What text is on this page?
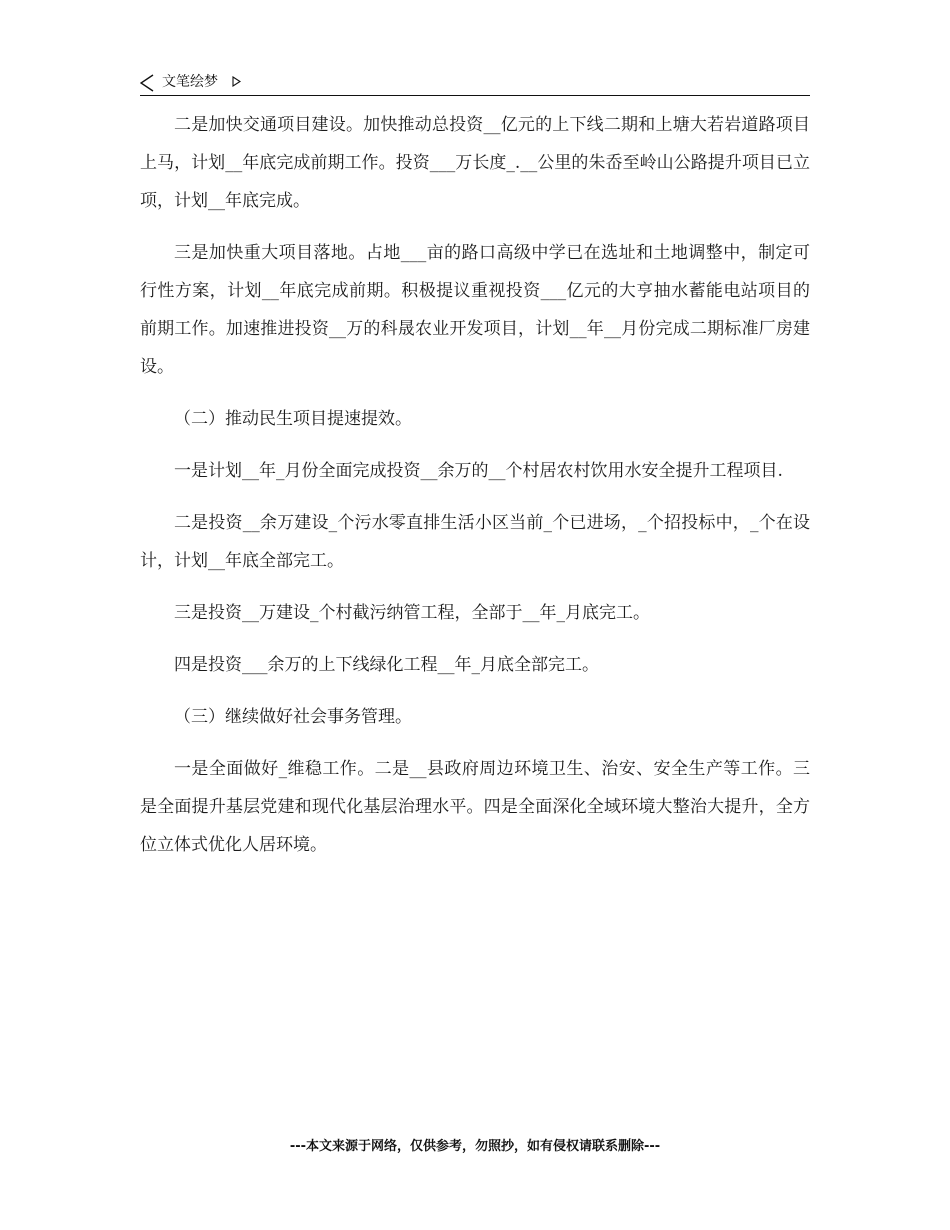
文笔绘梦

二是加快交通项目建设。加快推动总投资__亿元的上下线二期和上塘大若岩道路项目上马，计划__年底完成前期工作。投资___万长度_.__公里的朱岙至岭山公路提升项目已立项，计划__年底完成。

三是加快重大项目落地。占地___亩的路口高级中学已在选址和土地调整中，制定可行性方案，计划__年底完成前期。积极提议重视投资___亿元的大亨抽水蓄能电站项目的前期工作。加速推进投资__万的科晟农业开发项目，计划__年__月份完成二期标准厂房建设。

（二）推动民生项目提速提效。

一是计划__年_月份全面完成投资__余万的__个村居农村饮用水安全提升工程项目.

二是投资__余万建设_个污水零直排生活小区当前_个已进场，_个招投标中，_个在设计，计划__年底全部完工。

三是投资__万建设_个村截污纳管工程，全部于__年_月底完工。

四是投资___余万的上下线绿化工程__年_月底全部完工。

（三）继续做好社会事务管理。

一是全面做好_维稳工作。二是__县政府周边环境卫生、治安、安全生产等工作。三是全面提升基层党建和现代化基层治理水平。四是全面深化全域环境大整治大提升，全方位立体式优化人居环境。

---本文来源于网络，仅供参考，勿照抄，如有侵权请联系删除---
